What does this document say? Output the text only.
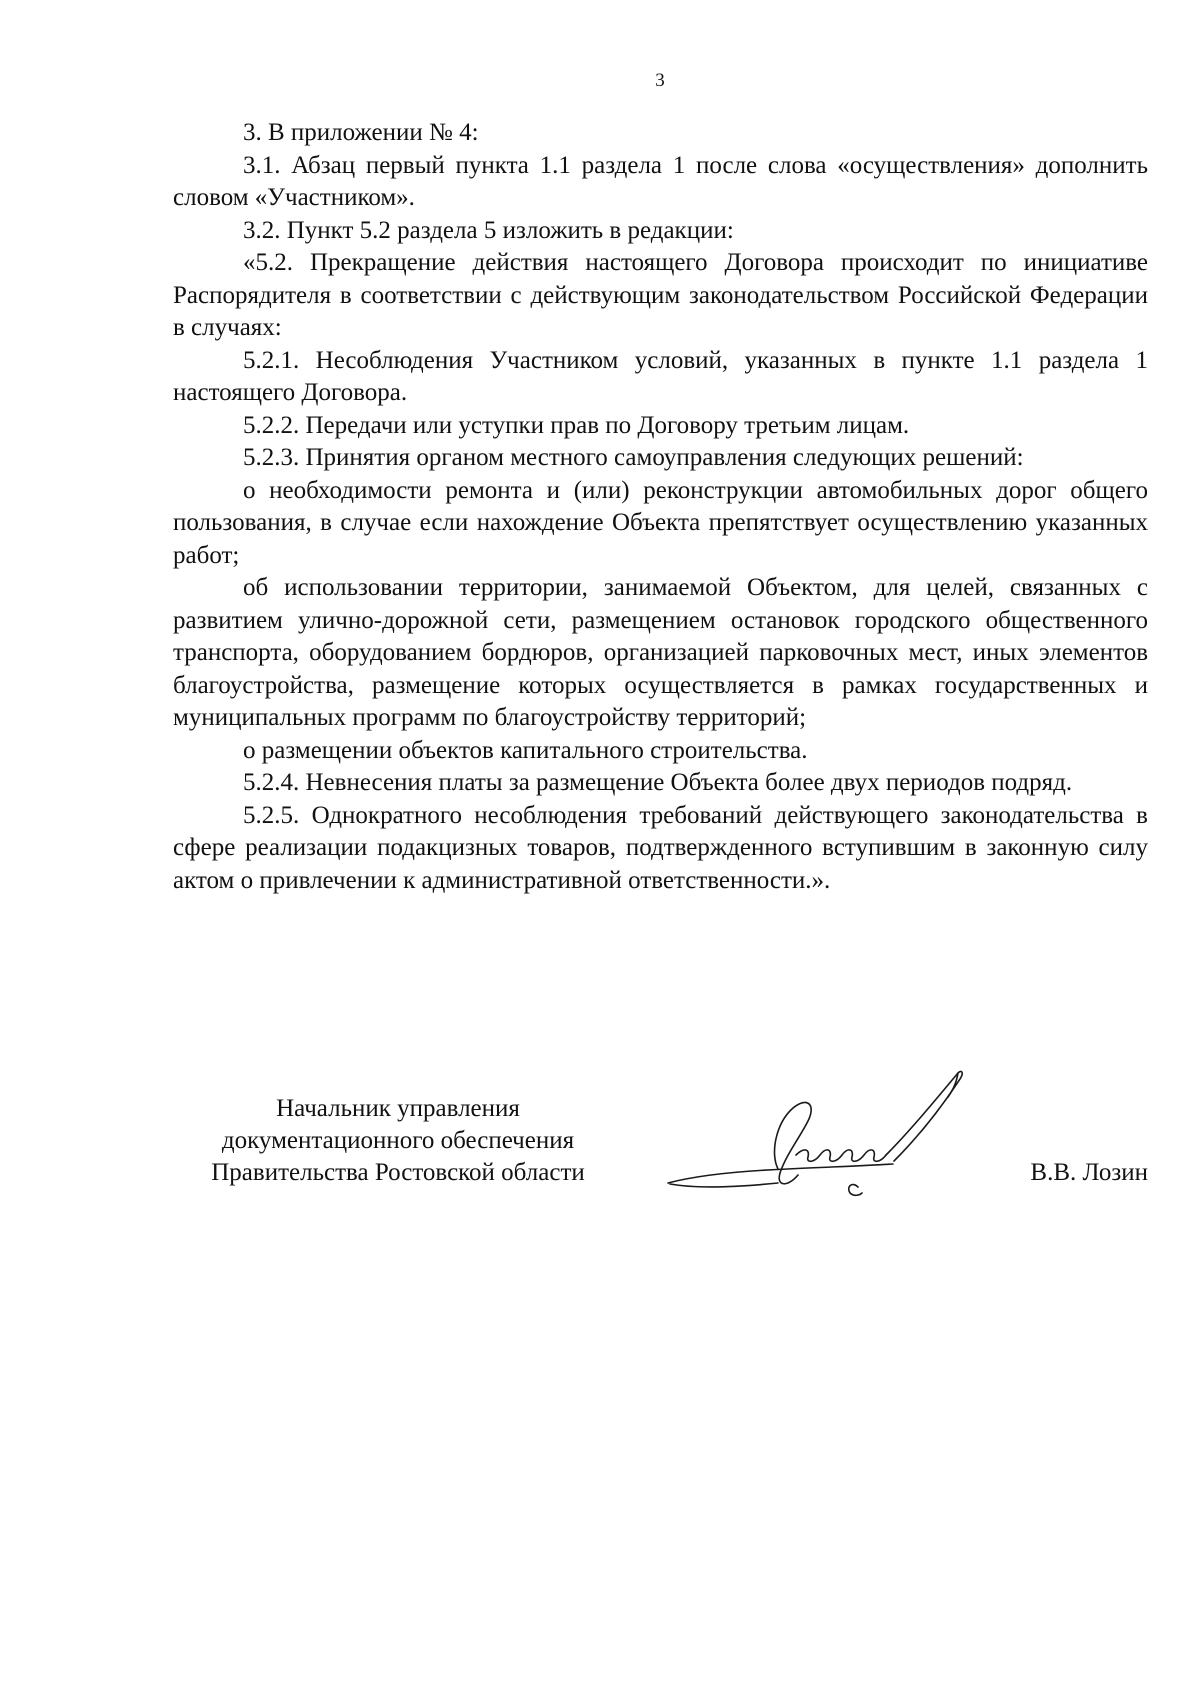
3

3. В приложении № 4:

3.1. Абзац первый пункта 1.1 раздела 1 после слова «осуществления» дополнить словом «Участником».

3.2. Пункт 5.2 раздела 5 изложить в редакции:

«5.2. Прекращение действия настоящего Договора происходит по инициативе Распорядителя в соответствии с действующим законодательством Российской Федерации в случаях:

5.2.1. Несоблюдения Участником условий, указанных в пункте 1.1 раздела 1 настоящего Договора.

5.2.2. Передачи или уступки прав по Договору третьим лицам.

5.2.3. Принятия органом местного самоуправления следующих решений:

о необходимости ремонта и (или) реконструкции автомобильных дорог общего пользования, в случае если нахождение Объекта препятствует осуществлению указанных работ;

об использовании территории, занимаемой Объектом, для целей, связанных с развитием улично-дорожной сети, размещением остановок городского общественного транспорта, оборудованием бордюров, организацией парковочных мест, иных элементов благоустройства, размещение которых осуществляется в рамках государственных и муниципальных программ по благоустройству территорий;

о размещении объектов капитального строительства.

5.2.4. Невнесения платы за размещение Объекта более двух периодов подряд.

5.2.5. Однократного несоблюдения требований действующего законодательства в сфере реализации подакцизных товаров, подтвержденного вступившим в законную силу актом о привлечении к административной ответственности.».

Начальник управления
документационного обеспечения
Правительства Ростовской области	В.В. Лозин
